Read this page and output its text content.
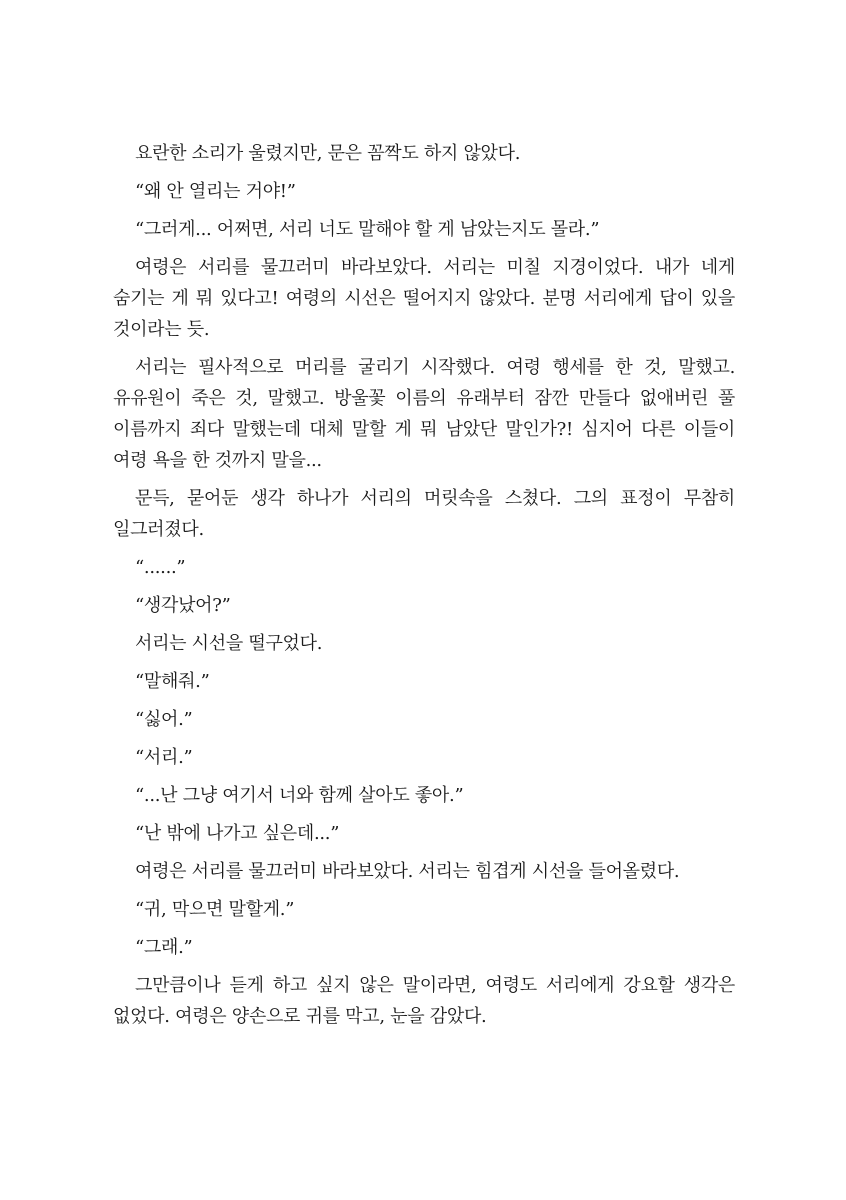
요란한 소리가 울렸지만, 문은 꼼짝도 하지 않았다.

“왜 안 열리는 거야!”

“그러게... 어쩌면, 서리 너도 말해야 할 게 남았는지도 몰라.”

여령은 서리를 물끄러미 바라보았다. 서리는 미칠 지경이었다. 내가 네게 숨기는 게 뭐 있다고! 여령의 시선은 떨어지지 않았다. 분명 서리에게 답이 있을 것이라는 듯.

서리는 필사적으로 머리를 굴리기 시작했다. 여령 행세를 한 것, 말했고. 유유원이 죽은 것, 말했고. 방울꽃 이름의 유래부터 잠깐 만들다 없애버린 풀 이름까지 죄다 말했는데 대체 말할 게 뭐 남았단 말인가?! 심지어 다른 이들이 여령 욕을 한 것까지 말을...

문득, 묻어둔 생각 하나가 서리의 머릿속을 스쳤다. 그의 표정이 무참히 일그러졌다.

“......”

“생각났어?”

서리는 시선을 떨구었다.

“말해줘.”

“싫어.”

“서리.”

“...난 그냥 여기서 너와 함께 살아도 좋아.”

“난 밖에 나가고 싶은데...”

여령은 서리를 물끄러미 바라보았다. 서리는 힘겹게 시선을 들어올렸다.

“귀, 막으면 말할게.”

“그래.”

그만큼이나 듣게 하고 싶지 않은 말이라면, 여령도 서리에게 강요할 생각은 없었다. 여령은 양손으로 귀를 막고, 눈을 감았다.
